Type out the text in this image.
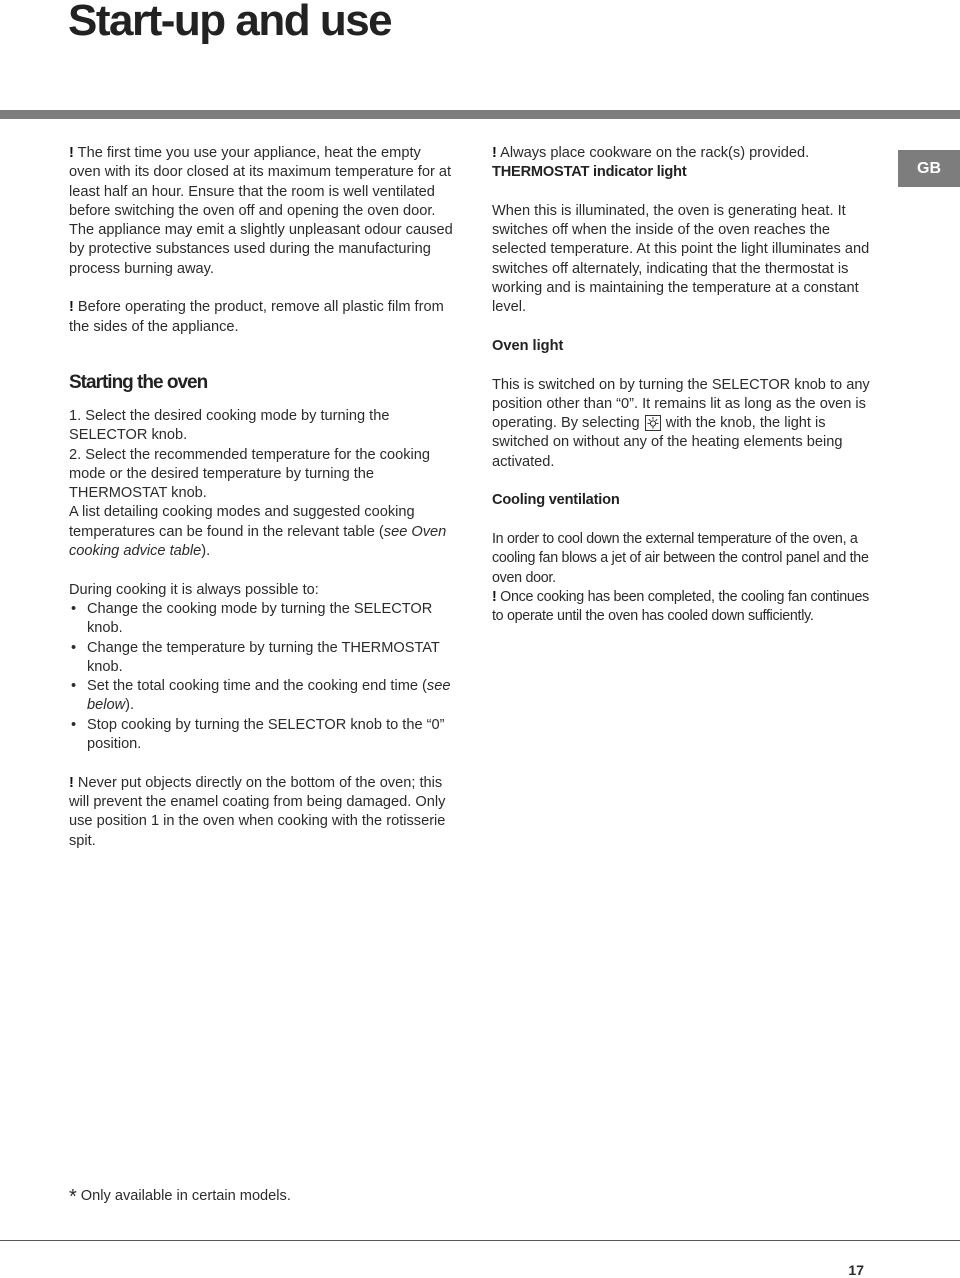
Start-up and use
GB

! The first time you use your appliance, heat the empty oven with its door closed at its maximum temperature for at least half an hour. Ensure that the room is well ventilated before switching the oven off and opening the oven door. The appliance may emit a slightly unpleasant odour caused by protective substances used during the manufacturing process burning away.

! Before operating the product, remove all plastic film from the sides of the appliance.

Starting the oven

1. Select the desired cooking mode by turning the SELECTOR knob.

2. Select the recommended temperature for the cooking mode or the desired temperature by turning the THERMOSTAT knob.

A list detailing cooking modes and suggested cooking temperatures can be found in the relevant table (see Oven cooking advice table).

During cooking it is always possible to:

• Change the cooking mode by turning the SELECTOR knob.
• Change the temperature by turning the THERMOSTAT knob.
• Set the total cooking time and the cooking end time (see below).
• Stop cooking by turning the SELECTOR knob to the “0” position.

! Never put objects directly on the bottom of the oven; this will prevent the enamel coating from being damaged. Only use position 1 in the oven when cooking with the rotisserie spit.

! Always place cookware on the rack(s) provided.

THERMOSTAT indicator light

When this is illuminated, the oven is generating heat. It switches off when the inside of the oven reaches the selected temperature. At this point the light illuminates and switches off alternately, indicating that the thermostat is working and is maintaining the temperature at a constant level.

Oven light

This is switched on by turning the SELECTOR knob to any position other than “0”. It remains lit as long as the oven is operating. By selecting  with the knob, the light is switched on without any of the heating elements being activated.

Cooling ventilation

In order to cool down the external temperature of the oven, a cooling fan blows a jet of air between the control panel and the oven door.

! Once cooking has been completed, the cooling fan continues to operate until the oven has cooled down sufficiently.

* Only available in certain models.
17
